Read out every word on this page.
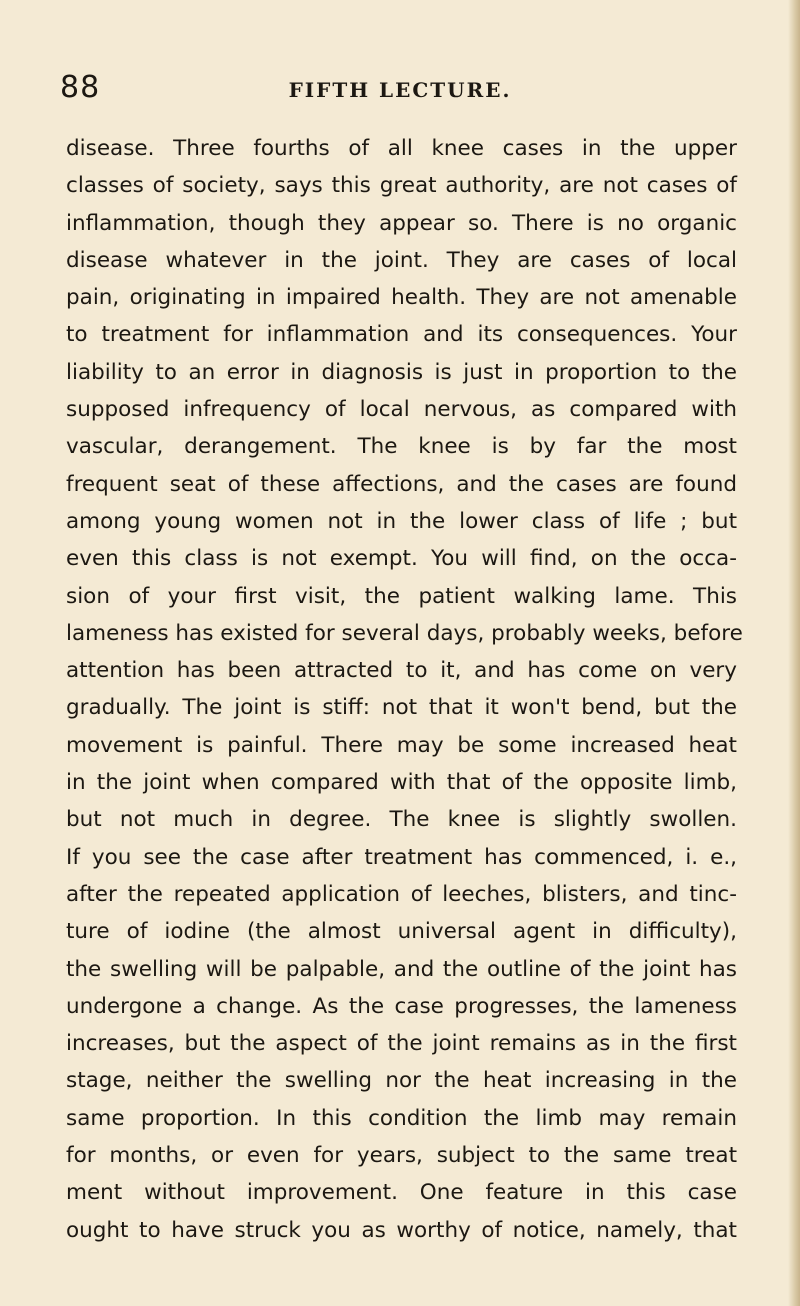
88	FIFTH LECTURE.
disease. Three fourths of all knee cases in the upper
classes of society, says this great authority, are not cases of
inflammation, though they appear so. There is no organic
disease whatever in the joint. They are cases of local
pain, originating in impaired health. They are not amenable
to treatment for inflammation and its consequences. Your
liability to an error in diagnosis is just in proportion to the
supposed infrequency of local nervous, as compared with
vascular, derangement. The knee is by far the most
frequent seat of these affections, and the cases are found
among young women not in the lower class of life ; but
even this class is not exempt. You will find, on the occa-
sion of your first visit, the patient walking lame. This
lameness has existed for several days, probably weeks, before
attention has been attracted to it, and has come on very
gradually. The joint is stiff: not that it won't bend, but the
movement is painful. There may be some increased heat
in the joint when compared with that of the opposite limb,
but not much in degree. The knee is slightly swollen.
If you see the case after treatment has commenced, i. e.,
after the repeated application of leeches, blisters, and tinc-
ture of iodine (the almost universal agent in difficulty),
the swelling will be palpable, and the outline of the joint has
undergone a change. As the case progresses, the lameness
increases, but the aspect of the joint remains as in the first
stage, neither the swelling nor the heat increasing in the
same proportion. In this condition the limb may remain
for months, or even for years, subject to the same treat
ment without improvement. One feature in this case
ought to have struck you as worthy of notice, namely, that
